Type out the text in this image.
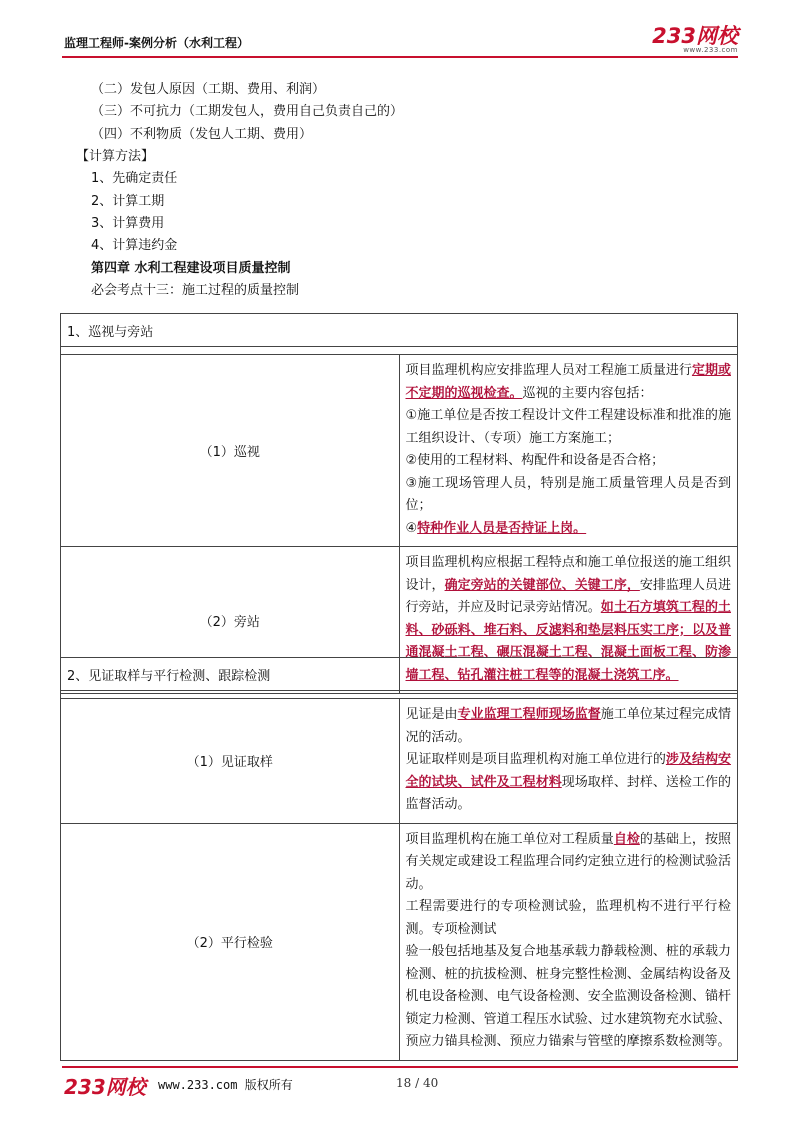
监理工程师-案例分析（水利工程）	233网校
www.233.com
（二）发包人原因（工期、费用、利润）
（三）不可抗力（工期发包人，费用自己负责自己的）
（四）不利物质（发包人工期、费用）
【计算方法】
1、先确定责任
2、计算工期
3、计算费用
4、计算违约金
第四章 水利工程建设项目质量控制
必会考点十三：施工过程的质量控制
1、巡视与旁站	

（1）巡视	项目监理机构应安排监理人员对工程施工质量进行定期或不定期的巡视检查。巡视的主要内容包括：
①施工单位是否按工程设计文件工程建设标准和批准的施工组织设计、（专项）施工方案施工；
②使用的工程材料、构配件和设备是否合格；
③施工现场管理人员，特别是施工质量管理人员是否到位；
④特种作业人员是否持证上岗。
（2）旁站	项目监理机构应根据工程特点和施工单位报送的施工组织设计，确定旁站的关键部位、关键工序，安排监理人员进行旁站，并应及时记录旁站情况。如土石方填筑工程的土料、砂砾料、堆石料、反滤料和垫层料压实工序；以及普通混凝土工程、碾压混凝土工程、混凝土面板工程、防渗墙工程、钻孔灌注桩工程等的混凝土浇筑工序。
2、见证取样与平行检测、跟踪检测	

（1）见证取样	见证是由专业监理工程师现场监督施工单位某过程完成情况的活动。
见证取样则是项目监理机构对施工单位进行的涉及结构安全的试块、试件及工程材料现场取样、封样、送检工作的监督活动。
（2）平行检验	项目监理机构在施工单位对工程质量自检的基础上，按照有关规定或建设工程监理合同约定独立进行的检测试验活动。
工程需要进行的专项检测试验，监理机构不进行平行检测。专项检测试
验一般包括地基及复合地基承载力静载检测、桩的承载力检测、桩的抗拔检测、桩身完整性检测、金属结构设备及机电设备检测、电气设备检测、安全监测设备检测、锚杆锁定力检测、管道工程压水试验、过水建筑物充水试验、预应力锚具检测、预应力锚索与管壁的摩擦系数检测等。
233网校 www.233.com 版权所有	18 / 40
